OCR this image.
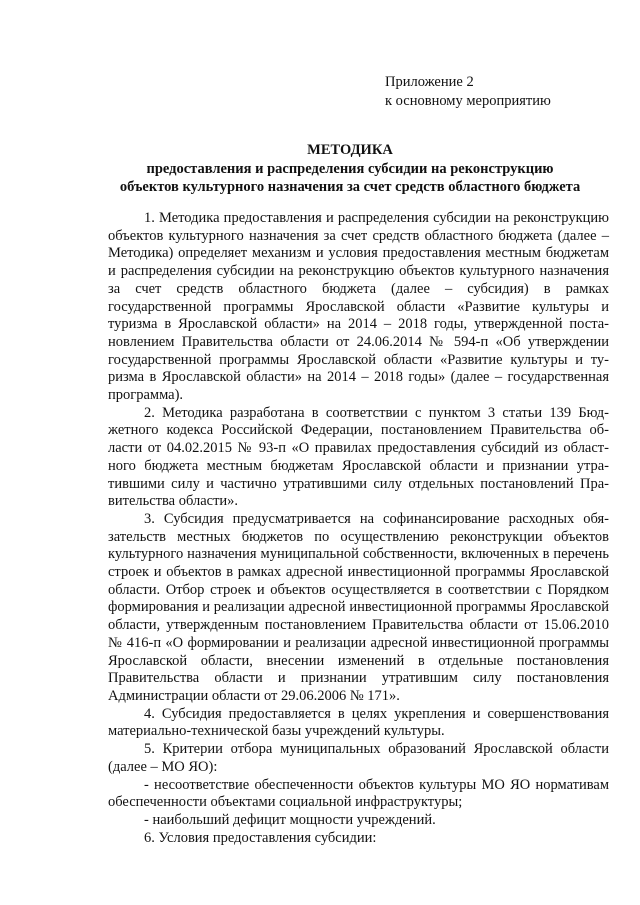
Приложение 2
к основному мероприятию
МЕТОДИКА
предоставления и распределения субсидии на реконструкцию
объектов культурного назначения за счет средств областного бюджета

1. Методика предоставления и распределения субсидии на реконструкцию объектов культурного назначения за счет средств областного бюджета (далее – Методика) определяет механизм и условия предоставления местным бюджетам и распределения субсидии на реконструкцию объектов культурного назначения за счет средств областного бюджета (далее – субсидия) в рамках государственной программы Ярославской области «Развитие культуры и туризма в Ярославской области» на 2014 – 2018 годы, утвержденной постановлением Правительства области от 24.06.2014 № 594-п «Об утверждении государственной программы Ярославской области «Развитие культуры и туризма в Ярославской области» на 2014 – 2018 годы» (далее – государственная программа).

2. Методика разработана в соответствии с пунктом 3 статьи 139 Бюджетного кодекса Российской Федерации, постановлением Правительства области от 04.02.2015 № 93-п «О правилах предоставления субсидий из областного бюджета местным бюджетам Ярославской области и признании утратившими силу и частично утратившими силу отдельных постановлений Правительства области».

3. Субсидия предусматривается на софинансирование расходных обязательств местных бюджетов по осуществлению реконструкции объектов культурного назначения муниципальной собственности, включенных в перечень строек и объектов в рамках адресной инвестиционной программы Ярославской области. Отбор строек и объектов осуществляется в соответствии с Порядком формирования и реализации адресной инвестиционной программы Ярославской области, утвержденным постановлением Правительства области от 15.06.2010 № 416-п «О формировании и реализации адресной инвестиционной программы Ярославской области, внесении изменений в отдельные постановления Правительства области и признании утратившим силу постановления Администрации области от 29.06.2006 № 171».

4. Субсидия предоставляется в целях укрепления и совершенствования материально-технической базы учреждений культуры.

5. Критерии отбора муниципальных образований Ярославской области (далее – МО ЯО):

- несоответствие обеспеченности объектов культуры МО ЯО нормативам обеспеченности объектами социальной инфраструктуры;

- наибольший дефицит мощности учреждений.

6. Условия предоставления субсидии:
